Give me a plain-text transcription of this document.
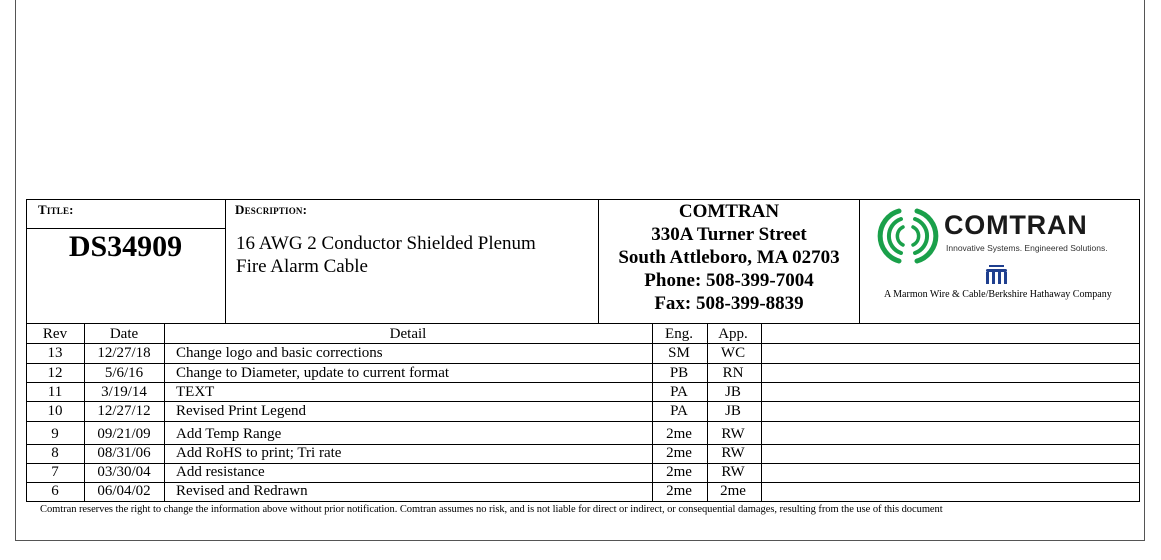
Title:
DS34909
Description:
16 AWG 2 Conductor Shielded Plenum
Fire Alarm Cable
COMTRAN
330A Turner Street
South Attleboro, MA 02703
Phone: 508-399-7004
Fax: 508-399-8839
COMTRAN
Innovative Systems. Engineered Solutions.
A Marmon Wire & Cable/Berkshire Hathaway Company
Rev	Date	Detail	Eng.	App.
13	12/27/18	Change logo and basic corrections	SM	WC
12	5/6/16	Change to Diameter, update to current format	PB	RN
11	3/19/14	TEXT	PA	JB
10	12/27/12	Revised Print Legend	PA	JB
9	09/21/09	Add Temp Range	2me	RW
8	08/31/06	Add RoHS to print; Tri rate	2me	RW
7	03/30/04	Add resistance	2me	RW
6	06/04/02	Revised and Redrawn	2me	2me
Comtran reserves the right to change the information above without prior notification. Comtran assumes no risk, and is not liable for direct or indirect, or consequential damages, resulting from the use of this document
